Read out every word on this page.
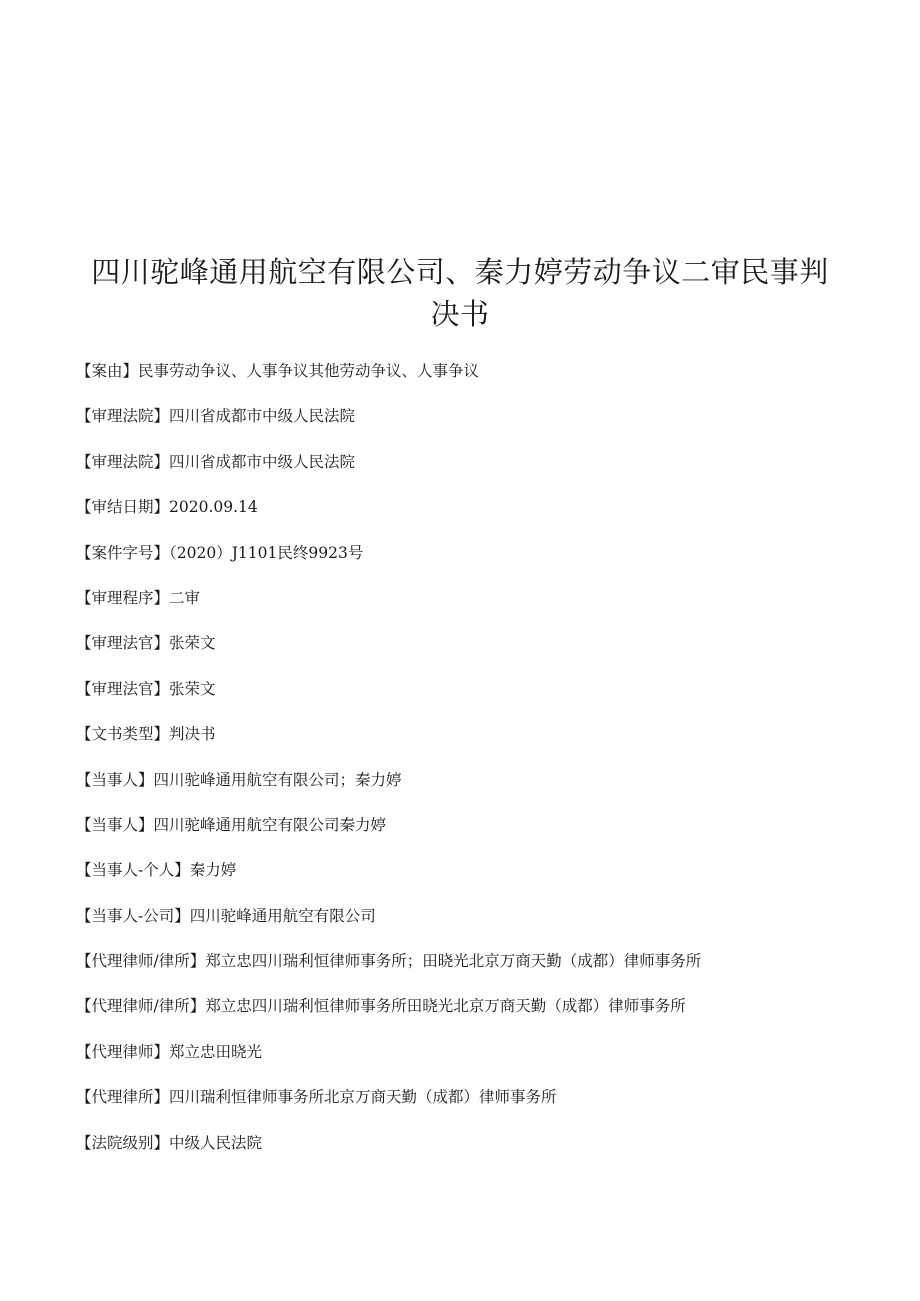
四川驼峰通用航空有限公司、秦力婷劳动争议二审民事判决书
【案由】民事劳动争议、人事争议其他劳动争议、人事争议
【审理法院】四川省成都市中级人民法院
【审理法院】四川省成都市中级人民法院
【审结日期】2020.09.14
【案件字号】（2020）J1101民终9923号
【审理程序】二审
【审理法官】张荣文
【审理法官】张荣文
【文书类型】判决书
【当事人】四川驼峰通用航空有限公司；秦力婷
【当事人】四川驼峰通用航空有限公司秦力婷
【当事人-个人】秦力婷
【当事人-公司】四川驼峰通用航空有限公司
【代理律师/律所】郑立忠四川瑞利恒律师事务所；田晓光北京万商天勤（成都）律师事务所
【代理律师/律所】郑立忠四川瑞利恒律师事务所田晓光北京万商天勤（成都）律师事务所
【代理律师】郑立忠田晓光
【代理律所】四川瑞利恒律师事务所北京万商天勤（成都）律师事务所
【法院级别】中级人民法院
